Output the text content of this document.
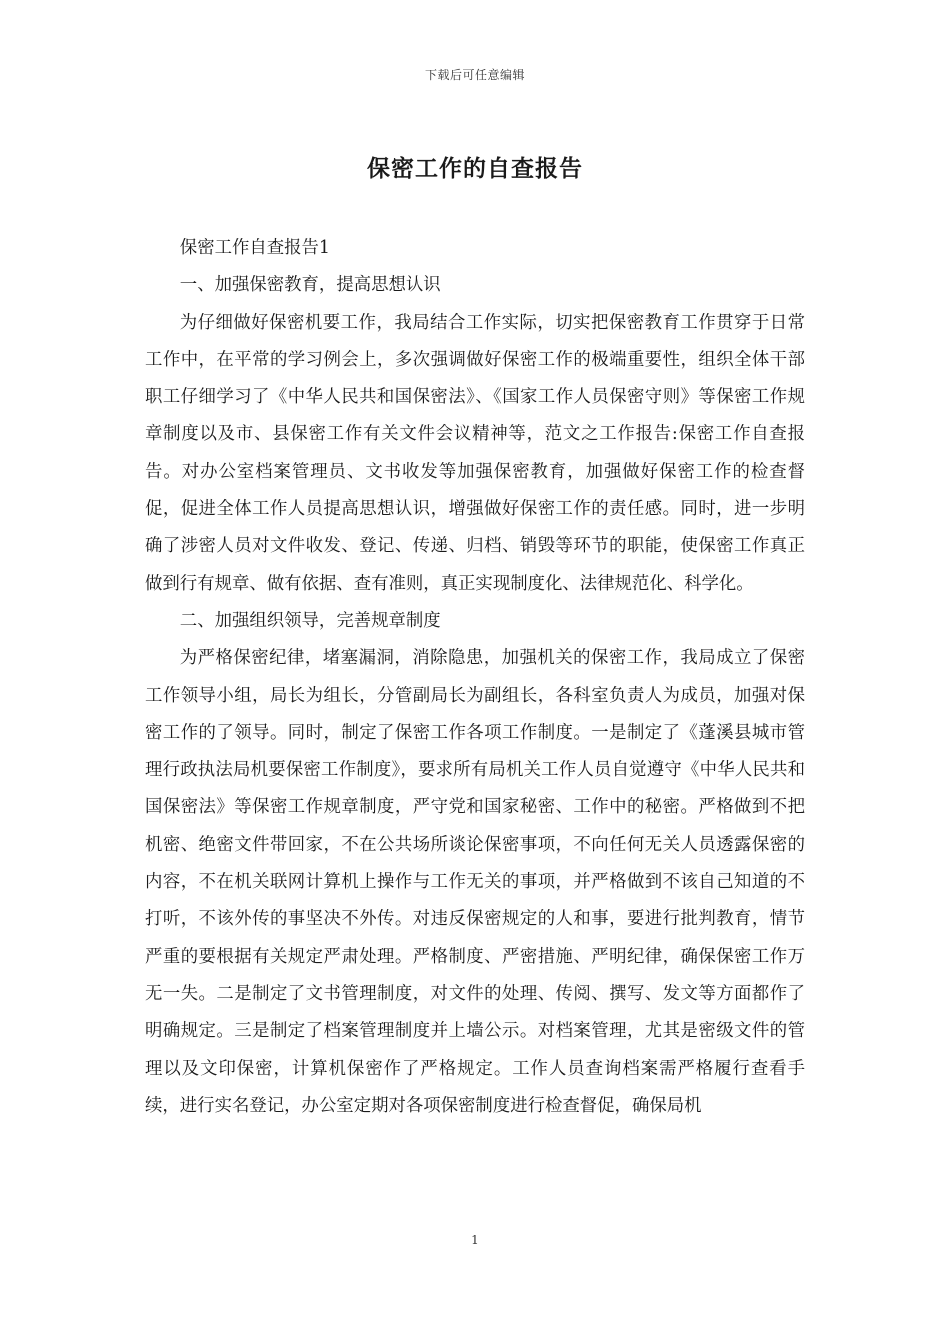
下载后可任意编辑
保密工作的自查报告

保密工作自查报告1

一、加强保密教育，提高思想认识

为仔细做好保密机要工作，我局结合工作实际，切实把保密教育工作贯穿于日常工作中，在平常的学习例会上，多次强调做好保密工作的极端重要性，组织全体干部职工仔细学习了《中华人民共和国保密法》、《国家工作人员保密守则》等保密工作规章制度以及市、县保密工作有关文件会议精神等，范文之工作报告:保密工作自查报告。对办公室档案管理员、文书收发等加强保密教育，加强做好保密工作的检查督促，促进全体工作人员提高思想认识，增强做好保密工作的责任感。同时，进一步明确了涉密人员对文件收发、登记、传递、归档、销毁等环节的职能，使保密工作真正做到行有规章、做有依据、查有准则，真正实现制度化、法律规范化、科学化。

二、加强组织领导，完善规章制度

为严格保密纪律，堵塞漏洞，消除隐患，加强机关的保密工作，我局成立了保密工作领导小组，局长为组长，分管副局长为副组长，各科室负责人为成员，加强对保密工作的了领导。同时，制定了保密工作各项工作制度。一是制定了《蓬溪县城市管理行政执法局机要保密工作制度》，要求所有局机关工作人员自觉遵守《中华人民共和国保密法》等保密工作规章制度，严守党和国家秘密、工作中的秘密。严格做到不把机密、绝密文件带回家，不在公共场所谈论保密事项，不向任何无关人员透露保密的内容，不在机关联网计算机上操作与工作无关的事项，并严格做到不该自己知道的不打听，不该外传的事坚决不外传。对违反保密规定的人和事，要进行批判教育，情节严重的要根据有关规定严肃处理。严格制度、严密措施、严明纪律，确保保密工作万无一失。二是制定了文书管理制度，对文件的处理、传阅、撰写、发文等方面都作了明确规定。三是制定了档案管理制度并上墙公示。对档案管理，尤其是密级文件的管理以及文印保密，计算机保密作了严格规定。工作人员查询档案需严格履行查看手续，进行实名登记，办公室定期对各项保密制度进行检查督促，确保局机

1
